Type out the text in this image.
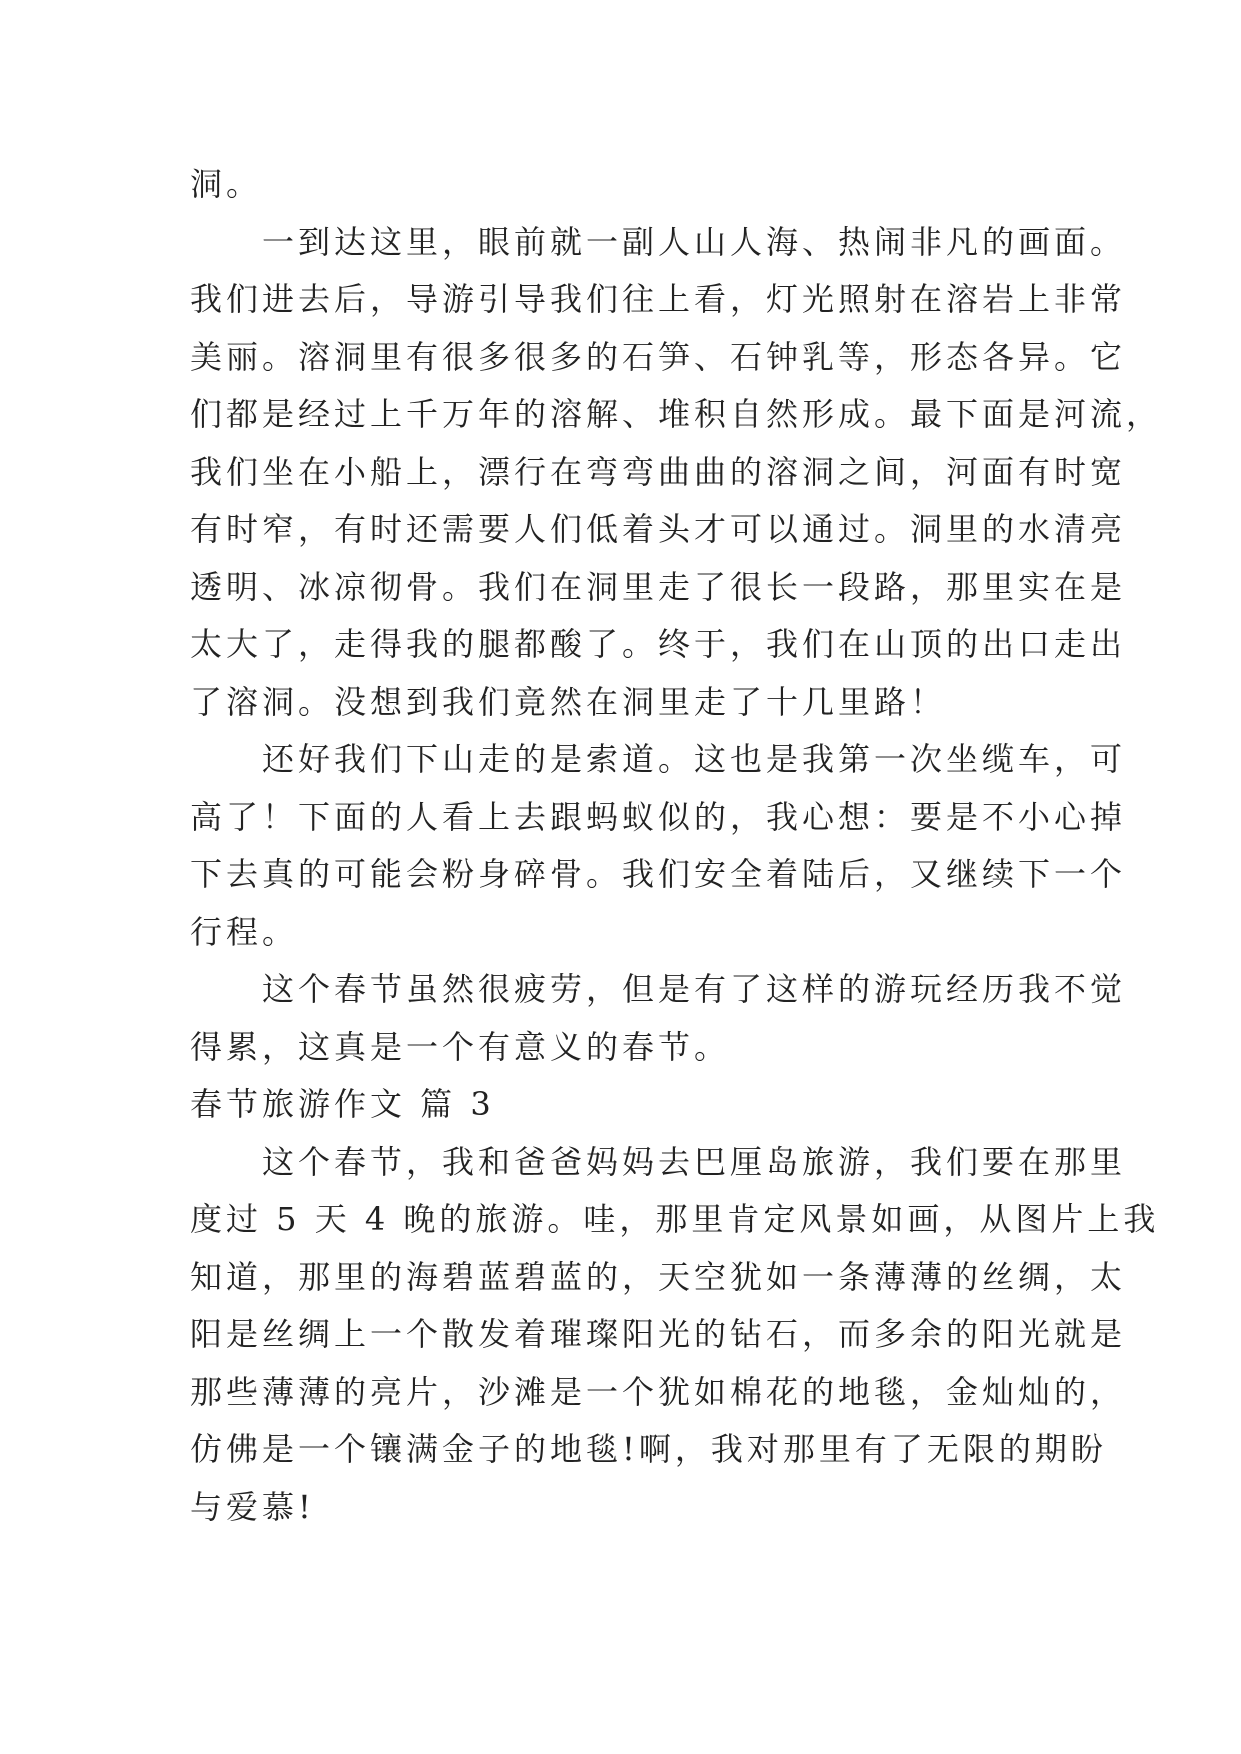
洞。
一到达这里，眼前就一副人山人海、热闹非凡的画面。
我们进去后，导游引导我们往上看，灯光照射在溶岩上非常
美丽。溶洞里有很多很多的石笋、石钟乳等，形态各异。它
们都是经过上千万年的溶解、堆积自然形成。最下面是河流，
我们坐在小船上，漂行在弯弯曲曲的溶洞之间，河面有时宽
有时窄，有时还需要人们低着头才可以通过。洞里的水清亮
透明、冰凉彻骨。我们在洞里走了很长一段路，那里实在是
太大了，走得我的腿都酸了。终于，我们在山顶的出口走出
了溶洞。没想到我们竟然在洞里走了十几里路！
还好我们下山走的是索道。这也是我第一次坐缆车，可
高了！下面的人看上去跟蚂蚁似的，我心想：要是不小心掉
下去真的可能会粉身碎骨。我们安全着陆后，又继续下一个
行程。
这个春节虽然很疲劳，但是有了这样的游玩经历我不觉
得累，这真是一个有意义的春节。
春节旅游作文 篇 3
这个春节，我和爸爸妈妈去巴厘岛旅游，我们要在那里
度过 5 天 4 晚的旅游。哇，那里肯定风景如画，从图片上我
知道，那里的海碧蓝碧蓝的，天空犹如一条薄薄的丝绸，太
阳是丝绸上一个散发着璀璨阳光的钻石，而多余的阳光就是
那些薄薄的亮片，沙滩是一个犹如棉花的地毯，金灿灿的，
仿佛是一个镶满金子的地毯!啊，我对那里有了无限的期盼
与爱慕!
